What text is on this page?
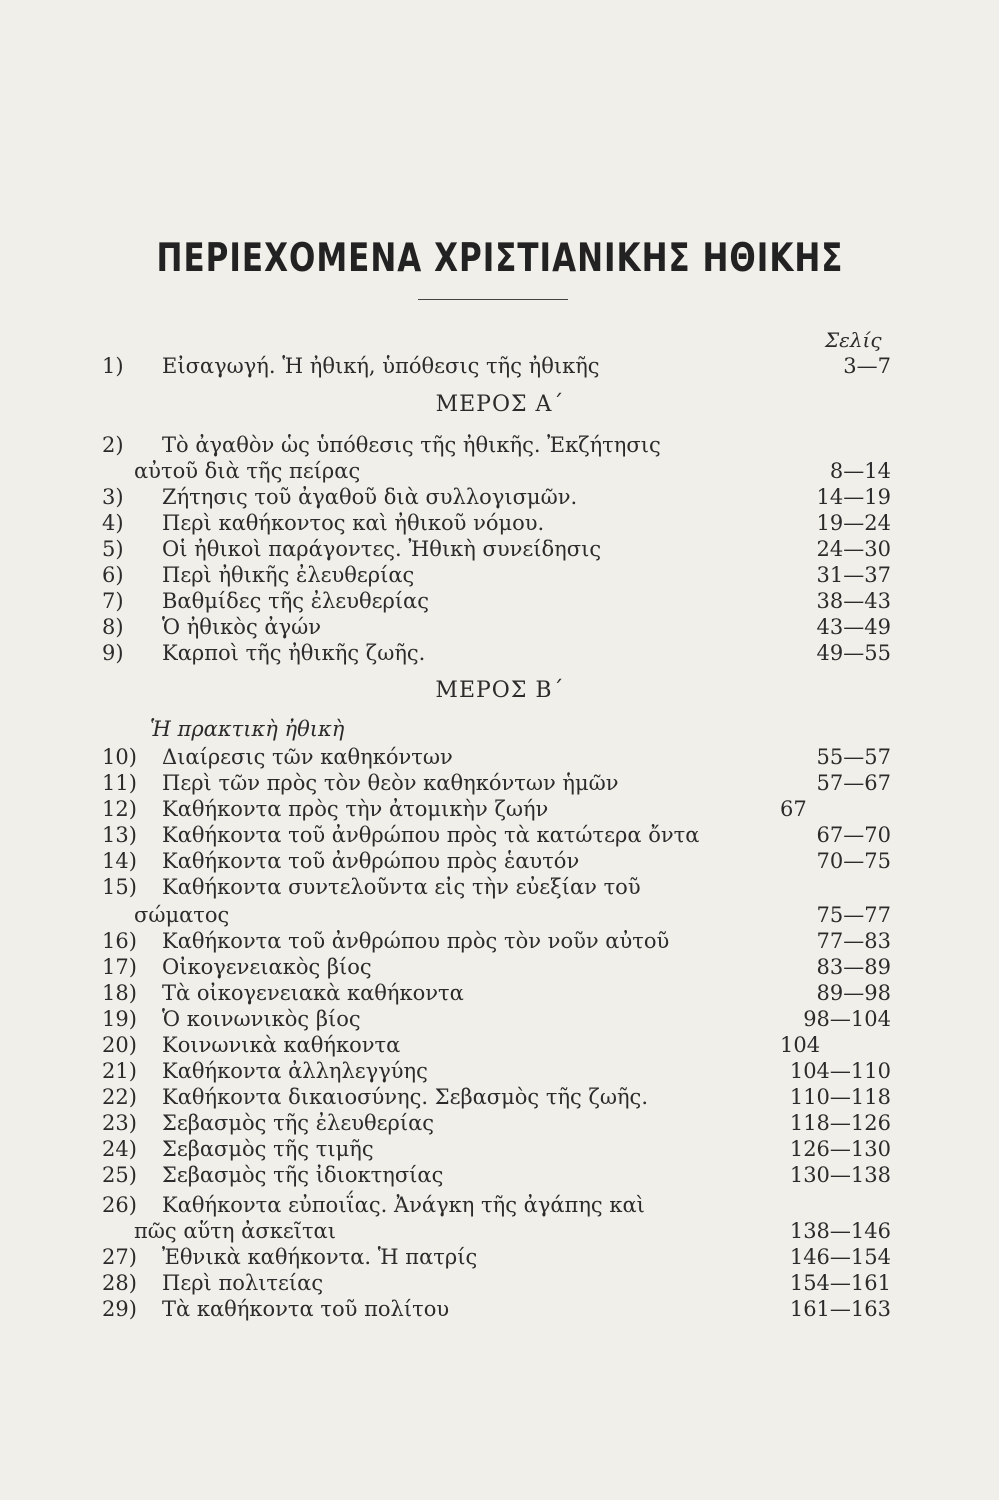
ΠΕΡΙΕΧΟΜΕΝΑ ΧΡΙΣΤΙΑΝΙΚΗΣ ΗΘΙΚΗΣ
Σελίς
1) Εἰσαγωγή. Ἡ ἠθική, ὑπόθεσις τῆς ἠθικῆς	3—7
ΜΕΡΟΣ Α΄
2) Τὸ ἀγαθὸν ὡς ὑπόθεσις τῆς ἠθικῆς. Ἐκζήτησις
αὐτοῦ διὰ τῆς πείρας	8—14
3) Ζήτησις τοῦ ἀγαθοῦ διὰ συλλογισμῶν.	14—19
4) Περὶ καθήκοντος καὶ ἠθικοῦ νόμου.	19—24
5) Οἱ ἠθικοὶ παράγοντες. Ἠθικὴ συνείδησις	24—30
6) Περὶ ἠθικῆς ἐλευθερίας	31—37
7) Βαθμίδες τῆς ἐλευθερίας	38—43
8) Ὁ ἠθικὸς ἀγών	43—49
9) Καρποὶ τῆς ἠθικῆς ζωῆς.	49—55
ΜΕΡΟΣ Β΄
Ἡ πρακτικὴ ἠθικὴ
10) Διαίρεσις τῶν καθηκόντων	55—57
11) Περὶ τῶν πρὸς τὸν θεὸν καθηκόντων ἡμῶν	57—67
12) Καθήκοντα πρὸς τὴν ἀτομικὴν ζωήν	67
13) Καθήκοντα τοῦ ἀνθρώπου πρὸς τὰ κατώτερα ὄντα	67—70
14) Καθήκοντα τοῦ ἀνθρώπου πρὸς ἑαυτόν	70—75
15) Καθήκοντα συντελοῦντα εἰς τὴν εὐεξίαν τοῦ
σώματος	75—77
16) Καθήκοντα τοῦ ἀνθρώπου πρὸς τὸν νοῦν αὐτοῦ	77—83
17) Οἰκογενειακὸς βίος	83—89
18) Τὰ οἰκογενειακὰ καθήκοντα	89—98
19) Ὁ κοινωνικὸς βίος	98—104
20) Κοινωνικὰ καθήκοντα	104
21) Καθήκοντα ἀλληλεγγύης	104—110
22) Καθήκοντα δικαιοσύνης. Σεβασμὸς τῆς ζωῆς.	110—118
23) Σεβασμὸς τῆς ἐλευθερίας	118—126
24) Σεβασμὸς τῆς τιμῆς	126—130
25) Σεβασμὸς τῆς ἰδιοκτησίας	130—138
26) Καθήκοντα εὐποιΐας. Ἀνάγκη τῆς ἀγάπης καὶ
πῶς αὕτη ἀσκεῖται	138—146
27) Ἐθνικὰ καθήκοντα. Ἡ πατρίς	146—154
28) Περὶ πολιτείας	154—161
29) Τὰ καθήκοντα τοῦ πολίτου	161—163
